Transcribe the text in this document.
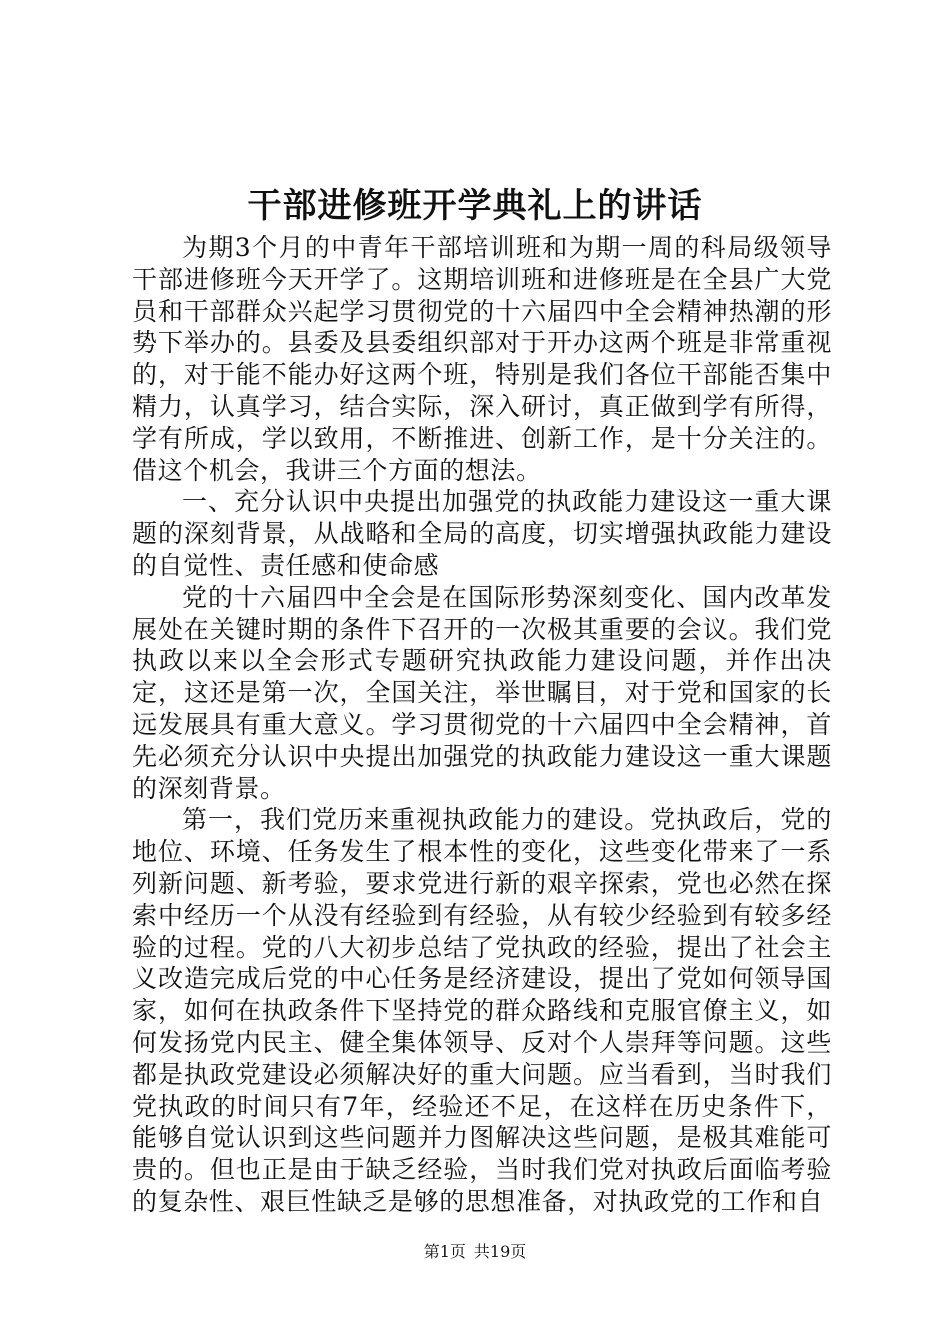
干部进修班开学典礼上的讲话

为期3个月的中青年干部培训班和为期一周的科局级领导干部进修班今天开学了。这期培训班和进修班是在全县广大党员和干部群众兴起学习贯彻党的十六届四中全会精神热潮的形势下举办的。县委及县委组织部对于开办这两个班是非常重视的，对于能不能办好这两个班，特别是我们各位干部能否集中精力，认真学习，结合实际，深入研讨，真正做到学有所得，学有所成，学以致用，不断推进、创新工作，是十分关注的。借这个机会，我讲三个方面的想法。

一、充分认识中央提出加强党的执政能力建设这一重大课题的深刻背景，从战略和全局的高度，切实增强执政能力建设的自觉性、责任感和使命感

党的十六届四中全会是在国际形势深刻变化、国内改革发展处在关键时期的条件下召开的一次极其重要的会议。我们党执政以来以全会形式专题研究执政能力建设问题，并作出决定，这还是第一次，全国关注，举世瞩目，对于党和国家的长远发展具有重大意义。学习贯彻党的十六届四中全会精神，首先必须充分认识中央提出加强党的执政能力建设这一重大课题的深刻背景。

第一，我们党历来重视执政能力的建设。党执政后，党的地位、环境、任务发生了根本性的变化，这些变化带来了一系列新问题、新考验，要求党进行新的艰辛探索，党也必然在探索中经历一个从没有经验到有经验，从有较少经验到有较多经验的过程。党的八大初步总结了党执政的经验，提出了社会主义改造完成后党的中心任务是经济建设，提出了党如何领导国家，如何在执政条件下坚持党的群众路线和克服官僚主义，如何发扬党内民主、健全集体领导、反对个人崇拜等问题。这些都是执政党建设必须解决好的重大问题。应当看到，当时我们党执政的时间只有7年，经验还不足，在这样在历史条件下，能够自觉认识到这些问题并力图解决这些问题，是极其难能可贵的。但也正是由于缺乏经验，当时我们党对执政后面临考验的复杂性、艰巨性缺乏是够的思想准备，对执政党的工作和自

第1页 共19页
